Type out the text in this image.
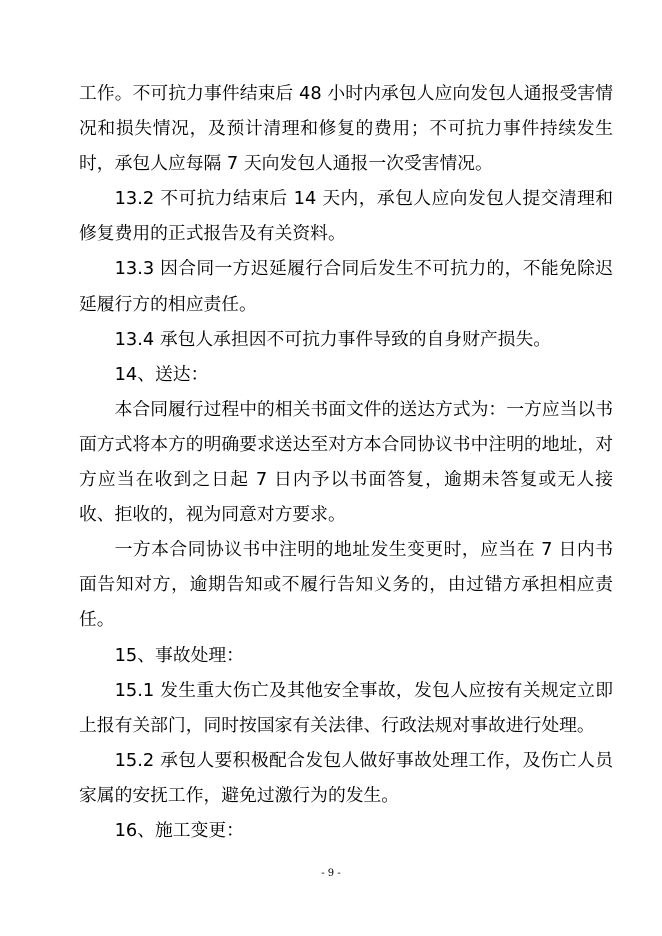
工作。不可抗力事件结束后 48 小时内承包人应向发包人通报受害情况和损失情况，及预计清理和修复的费用；不可抗力事件持续发生时，承包人应每隔 7 天向发包人通报一次受害情况。

13.2 不可抗力结束后 14 天内，承包人应向发包人提交清理和修复费用的正式报告及有关资料。

13.3 因合同一方迟延履行合同后发生不可抗力的，不能免除迟延履行方的相应责任。

13.4 承包人承担因不可抗力事件导致的自身财产损失。

14、送达：

本合同履行过程中的相关书面文件的送达方式为：一方应当以书面方式将本方的明确要求送达至对方本合同协议书中注明的地址，对方应当在收到之日起 7 日内予以书面答复，逾期未答复或无人接收、拒收的，视为同意对方要求。

一方本合同协议书中注明的地址发生变更时，应当在 7 日内书面告知对方，逾期告知或不履行告知义务的，由过错方承担相应责任。

15、事故处理：

15.1 发生重大伤亡及其他安全事故，发包人应按有关规定立即上报有关部门，同时按国家有关法律、行政法规对事故进行处理。

15.2 承包人要积极配合发包人做好事故处理工作，及伤亡人员家属的安抚工作，避免过激行为的发生。

16、施工变更：

- 9 -
